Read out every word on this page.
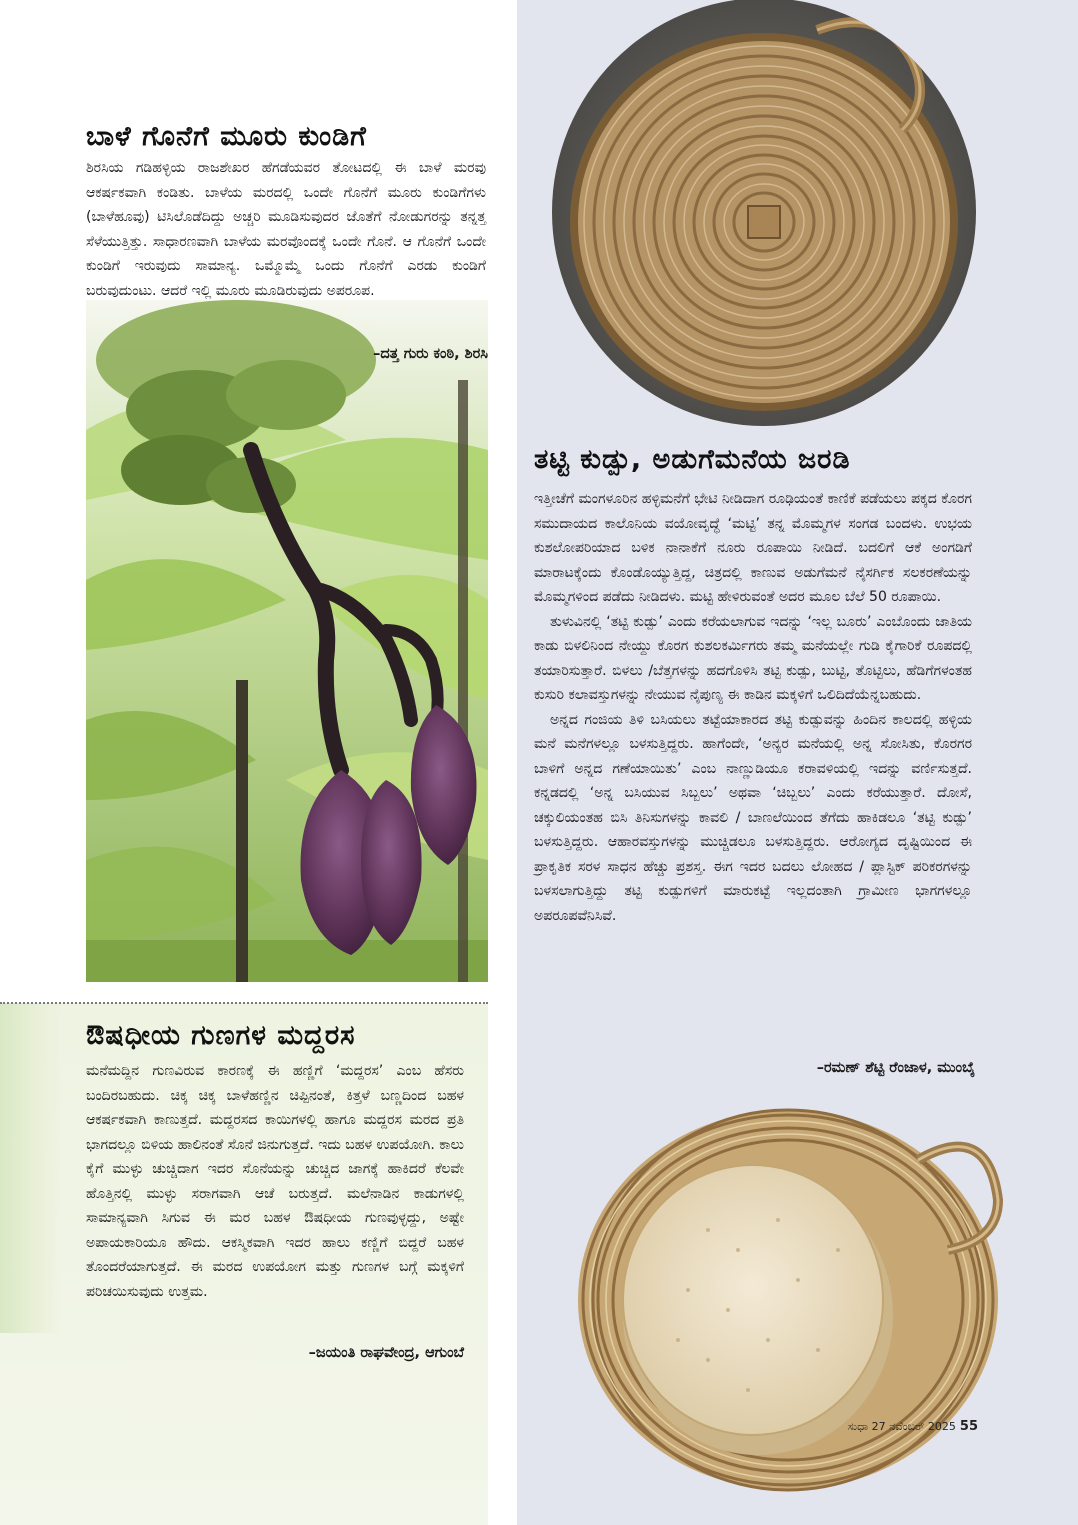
ಬಾಳೆ ಗೊನೆಗೆ ಮೂರು ಕುಂಡಿಗೆ

ಶಿರಸಿಯ ಗಡಿಹಳ್ಳಿಯ ರಾಜಶೇಖರ ಹೆಗಡೆಯವರ ತೋಟದಲ್ಲಿ ಈ ಬಾಳೆ ಮರವು ಆಕರ್ಷಕವಾಗಿ ಕಂಡಿತು. ಬಾಳೆಯ ಮರದಲ್ಲಿ ಒಂದೇ ಗೊನೆಗೆ ಮೂರು ಕುಂಡಿಗೆಗಳು (ಬಾಳೆಹೂವು) ಟಿಸಿಲೊಡೆದಿದ್ದು ಅಚ್ಚರಿ ಮೂಡಿಸುವುದರ ಜೊತೆಗೆ ನೋಡುಗರನ್ನು ತನ್ನತ್ತ ಸೆಳೆಯುತ್ತಿತ್ತು. ಸಾಧಾರಣವಾಗಿ ಬಾಳೆಯ ಮರವೊಂದಕ್ಕೆ ಒಂದೇ ಗೊನೆ. ಆ ಗೊನೆಗೆ ಒಂದೇ ಕುಂಡಿಗೆ ಇರುವುದು ಸಾಮಾನ್ಯ. ಒಮ್ಮೊಮ್ಮೆ ಒಂದು ಗೊನೆಗೆ ಎರಡು ಕುಂಡಿಗೆ ಬರುವುದುಂಟು. ಆದರೆ ಇಲ್ಲಿ ಮೂರು ಮೂಡಿರುವುದು ಅಪರೂಪ.

–ದತ್ತ ಗುರು ಕಂಠಿ, ಶಿರಸಿ
ಔಷಧೀಯ ಗುಣಗಳ ಮದ್ದರಸ

ಮನೆಮದ್ದಿನ ಗುಣವಿರುವ ಕಾರಣಕ್ಕೆ ಈ ಹಣ್ಣಿಗೆ ‘ಮದ್ದರಸ’ ಎಂಬ ಹೆಸರು ಬಂದಿರಬಹುದು. ಚಿಕ್ಕ ಚಿಕ್ಕ ಬಾಳೆಹಣ್ಣಿನ ಚಿಪ್ಪಿನಂತೆ, ಕಿತ್ತಳೆ ಬಣ್ಣದಿಂದ ಬಹಳ ಆಕರ್ಷಕವಾಗಿ ಕಾಣುತ್ತದೆ. ಮದ್ದರಸದ ಕಾಯಿಗಳಲ್ಲಿ ಹಾಗೂ ಮದ್ದರಸ ಮರದ ಪ್ರತಿ ಭಾಗದಲ್ಲೂ ಬಿಳಿಯ ಹಾಲಿನಂತೆ ಸೊನೆ ಜಿನುಗುತ್ತದೆ. ಇದು ಬಹಳ ಉಪಯೋಗಿ. ಕಾಲು ಕೈಗೆ ಮುಳ್ಳು ಚುಚ್ಚಿದಾಗ ಇದರ ಸೊನೆಯನ್ನು ಚುಚ್ಚಿದ ಜಾಗಕ್ಕೆ ಹಾಕಿದರೆ ಕೆಲವೇ ಹೊತ್ತಿನಲ್ಲಿ ಮುಳ್ಳು ಸರಾಗವಾಗಿ ಆಚೆ ಬರುತ್ತದೆ. ಮಲೆನಾಡಿನ ಕಾಡುಗಳಲ್ಲಿ ಸಾಮಾನ್ಯವಾಗಿ ಸಿಗುವ ಈ ಮರ ಬಹಳ ಔಷಧೀಯ ಗುಣವುಳ್ಳದ್ದು, ಅಷ್ಟೇ ಅಪಾಯಕಾರಿಯೂ ಹೌದು. ಆಕಸ್ಮಿಕವಾಗಿ ಇದರ ಹಾಲು ಕಣ್ಣಿಗೆ ಬಿದ್ದರೆ ಬಹಳ ತೊಂದರೆಯಾಗುತ್ತದೆ. ಈ ಮರದ ಉಪಯೋಗ ಮತ್ತು ಗುಣಗಳ ಬಗ್ಗೆ ಮಕ್ಕಳಿಗೆ ಪರಿಚಯಿಸುವುದು ಉತ್ತಮ.

–ಜಯಂತಿ ರಾಘವೇಂದ್ರ, ಆಗುಂಬೆ
ತಟ್ಟಿ ಕುಡ್ಪು, ಅಡುಗೆಮನೆಯ ಜರಡಿ

ಇತ್ತೀಚೆಗೆ ಮಂಗಳೂರಿನ ಹಳ್ಳಿಮನೆಗೆ ಭೇಟಿ ನೀಡಿದಾಗ ರೂಢಿಯಂತೆ ಕಾಣಿಕೆ ಪಡೆಯಲು ಪಕ್ಕದ ಕೊರಗ ಸಮುದಾಯದ ಕಾಲೊನಿಯ ವಯೋವೃದ್ಧೆ ‘ಮಟ್ಟಿ’ ತನ್ನ ಮೊಮ್ಮಗಳ ಸಂಗಡ ಬಂದಳು. ಉಭಯ ಕುಶಲೋಪರಿಯಾದ ಬಳಿಕ ನಾನಾಕೆಗೆ ನೂರು ರೂಪಾಯಿ ನೀಡಿದೆ. ಬದಲಿಗೆ ಆಕೆ ಅಂಗಡಿಗೆ ಮಾರಾಟಕ್ಕೆಂದು ಕೊಂಡೊಯ್ಯುತ್ತಿದ್ದ, ಚಿತ್ರದಲ್ಲಿ ಕಾಣುವ ಅಡುಗೆಮನೆ ನೈಸರ್ಗಿಕ ಸಲಕರಣೆಯನ್ನು ಮೊಮ್ಮಗಳಿಂದ ಪಡೆದು ನೀಡಿದಳು. ಮಟ್ಟಿ ಹೇಳಿರುವಂತೆ ಅದರ ಮೂಲ ಬೆಲೆ 50 ರೂಪಾಯಿ.

ತುಳುವಿನಲ್ಲಿ ‘ತಟ್ಟಿ ಕುಡ್ಪು’ ಎಂದು ಕರೆಯಲಾಗುವ ಇದನ್ನು ‘ಇಲ್ಲ ಬೂರು’ ಎಂಬೊಂದು ಜಾತಿಯ ಕಾಡು ಬಿಳಲಿನಿಂದ ನೇಯ್ದು ಕೊರಗ ಕುಶಲಕರ್ಮಿಗರು ತಮ್ಮ ಮನೆಯಲ್ಲೇ ಗುಡಿ ಕೈಗಾರಿಕೆ ರೂಪದಲ್ಲಿ ತಯಾರಿಸುತ್ತಾರೆ. ಬಿಳಲು /ಬೆತ್ತಗಳನ್ನು ಹದಗೊಳಿಸಿ ತಟ್ಟಿ ಕುಡ್ಪು, ಬುಟ್ಟಿ, ತೊಟ್ಟಿಲು, ಹೆಡಿಗೆಗಳಂತಹ ಕುಸುರಿ ಕಲಾವಸ್ತುಗಳನ್ನು ನೇಯುವ ನೈಪುಣ್ಯ ಈ ಕಾಡಿನ ಮಕ್ಕಳಿಗೆ ಒಲಿದಿದೆಯೆನ್ನಬಹುದು.

ಅನ್ನದ ಗಂಜಿಯ ತಿಳಿ ಬಸಿಯಲು ತಟ್ಟೆಯಾಕಾರದ ತಟ್ಟಿ ಕುಡ್ಪುವನ್ನು ಹಿಂದಿನ ಕಾಲದಲ್ಲಿ ಹಳ್ಳಿಯ ಮನೆ ಮನೆಗಳಲ್ಲೂ ಬಳಸುತ್ತಿದ್ದರು. ಹಾಗೆಂದೇ, ‘ಅನ್ಯರ ಮನೆಯಲ್ಲಿ ಅನ್ನ ಸೋಸಿತು, ಕೊರಗರ ಬಾಳಿಗೆ ಅನ್ನದ ಗಣೆಯಾಯಿತು’ ಎಂಬ ನಾಣ್ಣುಡಿಯೂ ಕರಾವಳಿಯಲ್ಲಿ ಇದನ್ನು ವರ್ಣಿಸುತ್ತದೆ. ಕನ್ನಡದಲ್ಲಿ ‘ಅನ್ನ ಬಸಿಯುವ ಸಿಬ್ಬಲು’ ಅಥವಾ ‘ಚಿಬ್ಬಲು’ ಎಂದು ಕರೆಯುತ್ತಾರೆ. ದೋಸೆ, ಚಕ್ಕುಲಿಯಂತಹ ಬಿಸಿ ತಿನಿಸುಗಳನ್ನು ಕಾವಲಿ / ಬಾಣಲೆಯಿಂದ ತೆಗೆದು ಹಾಕಿಡಲೂ ‘ತಟ್ಟಿ ಕುಡ್ಪು’ ಬಳಸುತ್ತಿದ್ದರು. ಆಹಾರವಸ್ತುಗಳನ್ನು ಮುಚ್ಚಿಡಲೂ ಬಳಸುತ್ತಿದ್ದರು. ಆರೋಗ್ಯದ ದೃಷ್ಟಿಯಿಂದ ಈ ಪ್ರಾಕೃತಿಕ ಸರಳ ಸಾಧನ ಹೆಚ್ಚು ಪ್ರಶಸ್ತ. ಈಗ ಇದರ ಬದಲು ಲೋಹದ / ಪ್ಲಾಸ್ಟಿಕ್ ಪರಿಕರಗಳನ್ನು ಬಳಸಲಾಗುತ್ತಿದ್ದು ತಟ್ಟಿ ಕುಡ್ಪುಗಳಿಗೆ ಮಾರುಕಟ್ಟೆ ಇಲ್ಲದಂತಾಗಿ ಗ್ರಾಮೀಣ ಭಾಗಗಳಲ್ಲೂ ಅಪರೂಪವೆನಿಸಿವೆ.

–ರಮಣ್ ಶೆಟ್ಟಿ ರೆಂಜಾಳ, ಮುಂಬೈ
ಸುಧಾ 27 ನವೆಂಬರ್ 2025 55
